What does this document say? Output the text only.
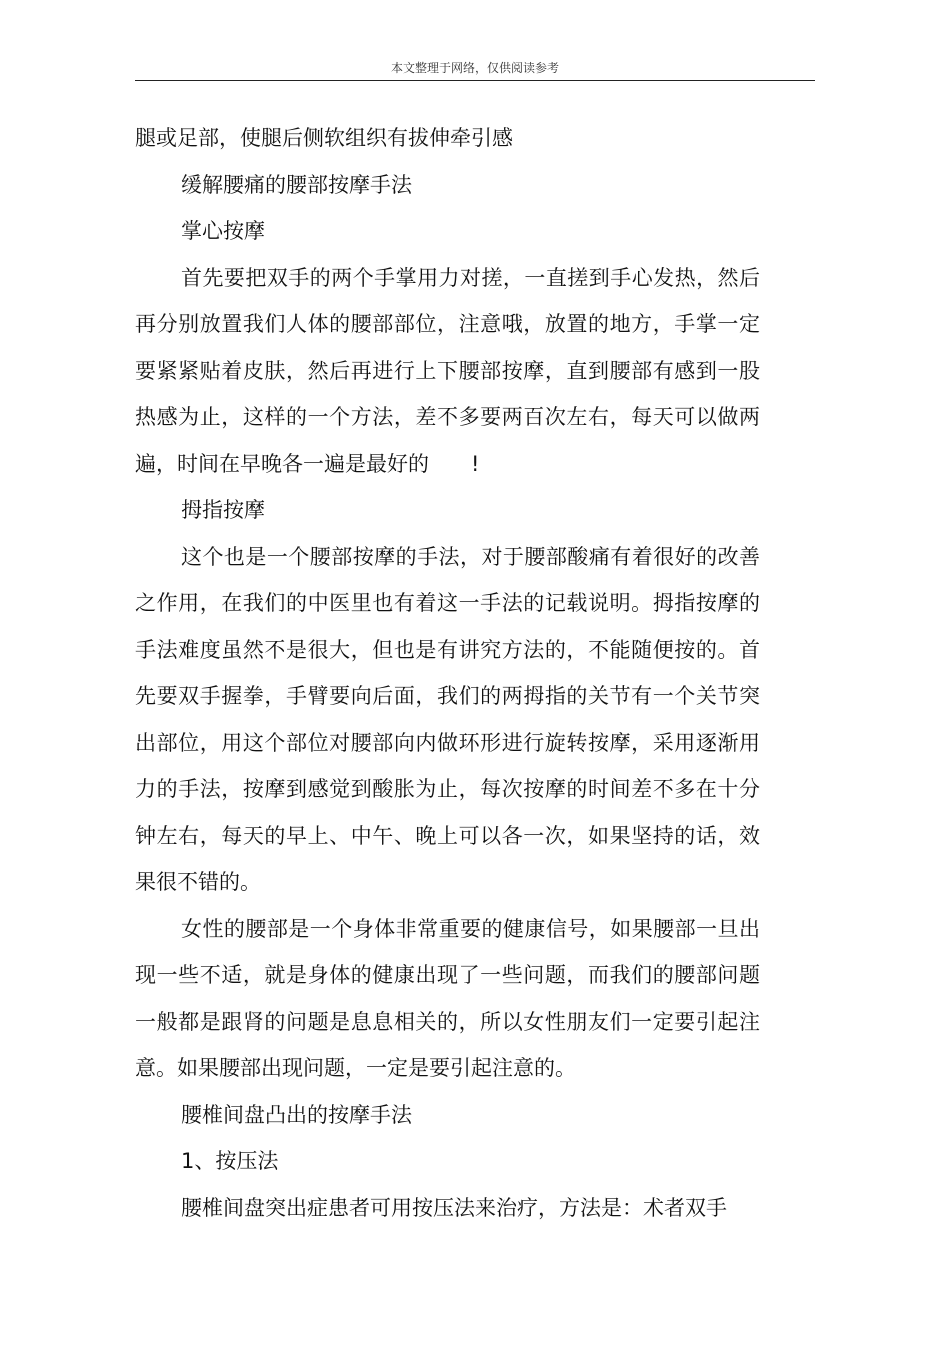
本文整理于网络，仅供阅读参考

腿或足部，使腿后侧软组织有拔伸牵引感

缓解腰痛的腰部按摩手法

掌心按摩

首先要把双手的两个手掌用力对搓，一直搓到手心发热，然后再分别放置我们人体的腰部部位，注意哦，放置的地方，手掌一定要紧紧贴着皮肤，然后再进行上下腰部按摩，直到腰部有感到一股热感为止，这样的一个方法，差不多要两百次左右，每天可以做两遍，时间在早晚各一遍是最好的　　!

拇指按摩

这个也是一个腰部按摩的手法，对于腰部酸痛有着很好的改善之作用，在我们的中医里也有着这一手法的记载说明。拇指按摩的手法难度虽然不是很大，但也是有讲究方法的，不能随便按的。首先要双手握拳，手臂要向后面，我们的两拇指的关节有一个关节突出部位，用这个部位对腰部向内做环形进行旋转按摩，采用逐渐用力的手法，按摩到感觉到酸胀为止，每次按摩的时间差不多在十分钟左右，每天的早上、中午、晚上可以各一次，如果坚持的话，效果很不错的。

女性的腰部是一个身体非常重要的健康信号，如果腰部一旦出现一些不适，就是身体的健康出现了一些问题，而我们的腰部问题一般都是跟肾的问题是息息相关的，所以女性朋友们一定要引起注意。如果腰部出现问题，一定是要引起注意的。

腰椎间盘凸出的按摩手法

1、按压法

腰椎间盘突出症患者可用按压法来治疗，方法是：术者双手
